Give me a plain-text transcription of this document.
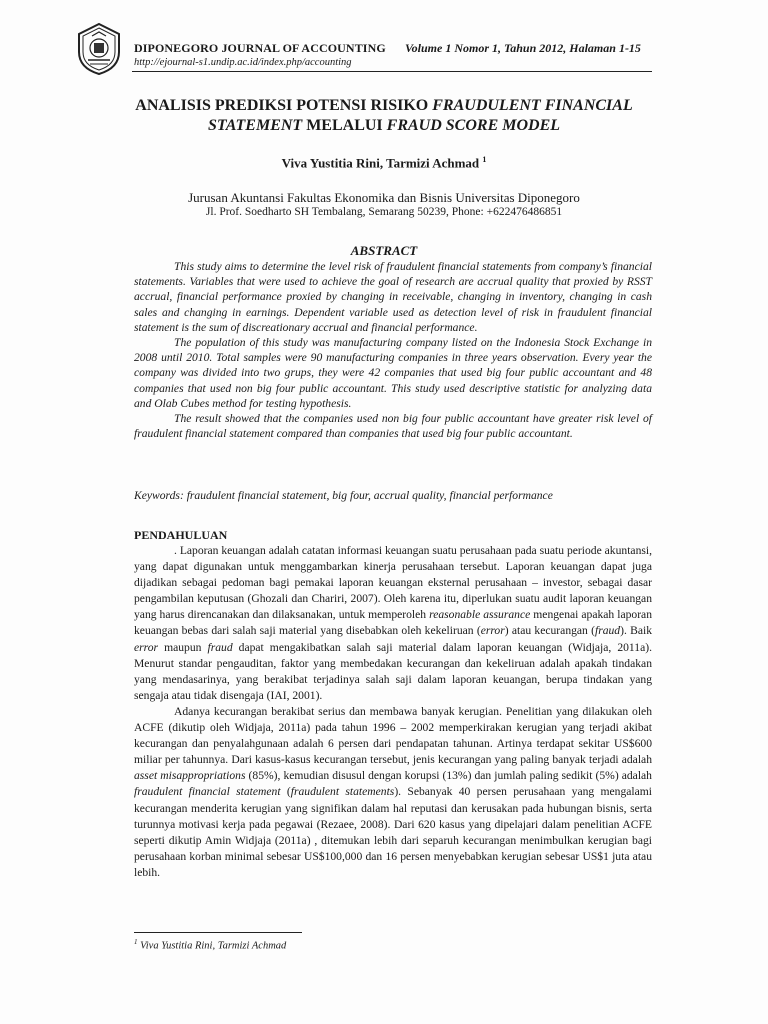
DIPONEGORO JOURNAL OF ACCOUNTING Volume 1 Nomor 1, Tahun 2012, Halaman 1-15
http://ejournal-s1.undip.ac.id/index.php/accounting
ANALISIS PREDIKSI POTENSI RISIKO FRAUDULENT FINANCIAL
STATEMENT MELALUI FRAUD SCORE MODEL
Viva Yustitia Rini, Tarmizi Achmad $^1$
Jurusan Akuntansi Fakultas Ekonomika dan Bisnis Universitas Diponegoro
Jl. Prof. Soedharto SH Tembalang, Semarang 50239, Phone: +622476486851
ABSTRACT

This study aims to determine the level risk of fraudulent financial statements from company’s financial statements. Variables that were used to achieve the goal of research are accrual quality that proxied by RSST accrual, financial performance proxied by changing in receivable, changing in inventory, changing in cash sales and changing in earnings. Dependent variable used as detection level of risk in fraudulent financial statement is the sum of discreationary accrual and financial performance.

The population of this study was manufacturing company listed on the Indonesia Stock Exchange in 2008 until 2010. Total samples were 90 manufacturing companies in three years observation. Every year the company was divided into two grups, they were 42 companies that used big four public accountant and 48 companies that used non big four public accountant. This study used descriptive statistic for analyzing data and Olab Cubes method for testing hypothesis.

The result showed that the companies used non big four public accountant have greater risk level of fraudulent financial statement compared than companies that used big four public accountant.

Keywords: fraudulent financial statement, big four, accrual quality, financial performance
PENDAHULUAN

. Laporan keuangan adalah catatan informasi keuangan suatu perusahaan pada suatu periode akuntansi, yang dapat digunakan untuk menggambarkan kinerja perusahaan tersebut. Laporan keuangan dapat juga dijadikan sebagai pedoman bagi pemakai laporan keuangan eksternal perusahaan – investor, sebagai dasar pengambilan keputusan (Ghozali dan Chariri, 2007). Oleh karena itu, diperlukan suatu audit laporan keuangan yang harus direncanakan dan dilaksanakan, untuk memperoleh reasonable assurance mengenai apakah laporan keuangan bebas dari salah saji material yang disebabkan oleh kekeliruan (error) atau kecurangan (fraud). Baik error maupun fraud dapat mengakibatkan salah saji material dalam laporan keuangan (Widjaja, 2011a). Menurut standar pengauditan, faktor yang membedakan kecurangan dan kekeliruan adalah apakah tindakan yang mendasarinya, yang berakibat terjadinya salah saji dalam laporan keuangan, berupa tindakan yang sengaja atau tidak disengaja (IAI, 2001).

Adanya kecurangan berakibat serius dan membawa banyak kerugian. Penelitian yang dilakukan oleh ACFE (dikutip oleh Widjaja, 2011a) pada tahun 1996 – 2002 memperkirakan kerugian yang terjadi akibat kecurangan dan penyalahgunaan adalah 6 persen dari pendapatan tahunan. Artinya terdapat sekitar US$600 miliar per tahunnya. Dari kasus-kasus kecurangan tersebut, jenis kecurangan yang paling banyak terjadi adalah asset misappropriations (85%), kemudian disusul dengan korupsi (13%) dan jumlah paling sedikit (5%) adalah fraudulent financial statement (fraudulent statements). Sebanyak 40 persen perusahaan yang mengalami kecurangan menderita kerugian yang signifikan dalam hal reputasi dan kerusakan pada hubungan bisnis, serta turunnya motivasi kerja pada pegawai (Rezaee, 2008). Dari 620 kasus yang dipelajari dalam penelitian ACFE seperti dikutip Amin Widjaja (2011a) , ditemukan lebih dari separuh kecurangan menimbulkan kerugian bagi perusahaan korban minimal sebesar US$100,000 dan 16 persen menyebabkan kerugian sebesar US$1 juta atau lebih.

$^1$ Viva Yustitia Rini, Tarmizi Achmad
